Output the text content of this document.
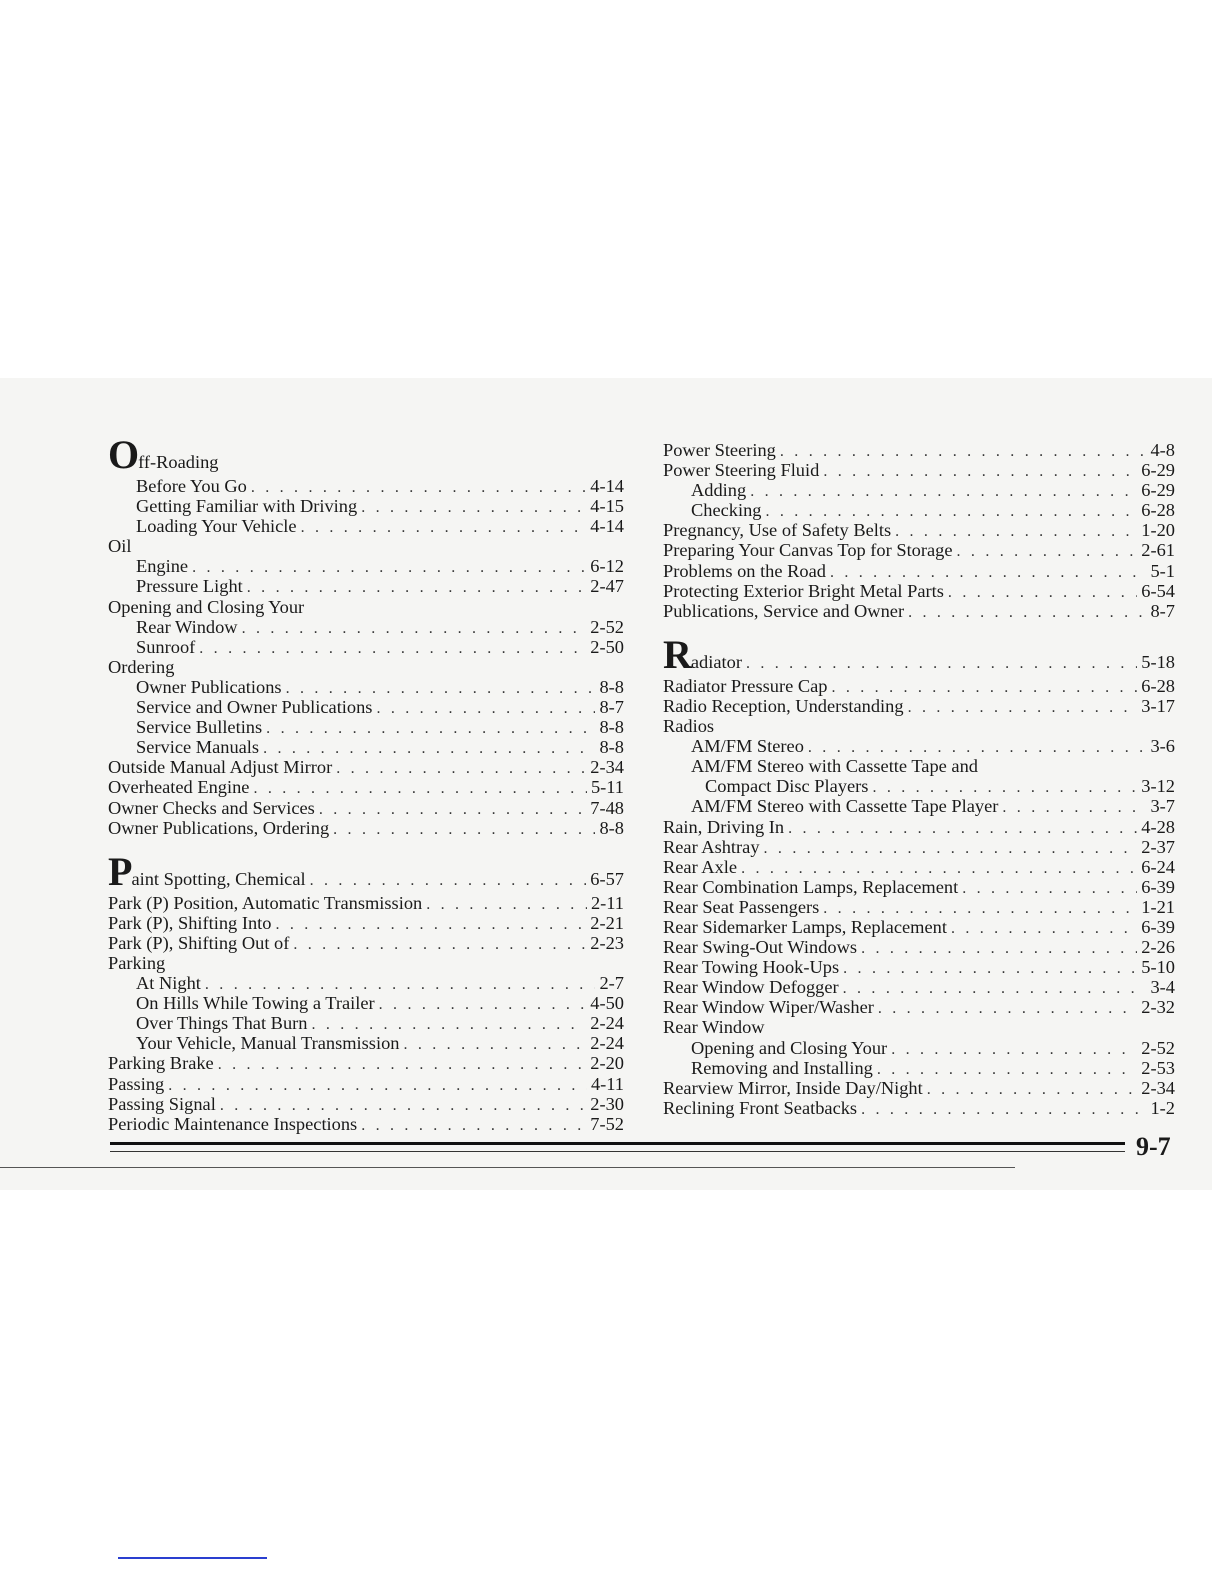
Off-Roading
Before You Go . . .	4-14
Getting Familiar with Driving . . .	4-15
Loading Your Vehicle . . .	4-14
Oil
Engine . . .	6-12
Pressure Light . . .	2-47
Opening and Closing Your
Rear Window . . .	2-52
Sunroof . . .	2-50
Ordering
Owner Publications . . .	8-8
Service and Owner Publications . . .	8-7
Service Bulletins . . .	8-8
Service Manuals . . .	8-8
Outside Manual Adjust Mirror . . .	2-34
Overheated Engine . . .	5-11
Owner Checks and Services . . .	7-48
Owner Publications, Ordering . . .	8-8
Paint Spotting, Chemical . . .	6-57
Park (P) Position, Automatic Transmission . . .	2-11
Park (P), Shifting Into . . .	2-21
Park (P), Shifting Out of . . .	2-23
Parking
At Night . . .	2-7
On Hills While Towing a Trailer . . .	4-50
Over Things That Burn . . .	2-24
Your Vehicle, Manual Transmission . . .	2-24
Parking Brake . . .	2-20
Passing . . .	4-11
Passing Signal . . .	2-30
Periodic Maintenance Inspections . . .	7-52
Power Steering . . .	4-8
Power Steering Fluid . . .	6-29
Adding . . .	6-29
Checking . . .	6-28
Pregnancy, Use of Safety Belts . . .	1-20
Preparing Your Canvas Top for Storage . . .	2-61
Problems on the Road . . .	5-1
Protecting Exterior Bright Metal Parts . . .	6-54
Publications, Service and Owner . . .	8-7
Radiator . . .	5-18
Radiator Pressure Cap . . .	6-28
Radio Reception, Understanding . . .	3-17
Radios
AM/FM Stereo . . .	3-6
AM/FM Stereo with Cassette Tape and
Compact Disc Players . . .	3-12
AM/FM Stereo with Cassette Tape Player . . .	3-7
Rain, Driving In . . .	4-28
Rear Ashtray . . .	2-37
Rear Axle . . .	6-24
Rear Combination Lamps, Replacement . . .	6-39
Rear Seat Passengers . . .	1-21
Rear Sidemarker Lamps, Replacement . . .	6-39
Rear Swing-Out Windows . . .	2-26
Rear Towing Hook-Ups . . .	5-10
Rear Window Defogger . . .	3-4
Rear Window Wiper/Washer . . .	2-32
Rear Window
Opening and Closing Your . . .	2-52
Removing and Installing . . .	2-53
Rearview Mirror, Inside Day/Night . . .	2-34
Reclining Front Seatbacks . . .	1-2
9-7
